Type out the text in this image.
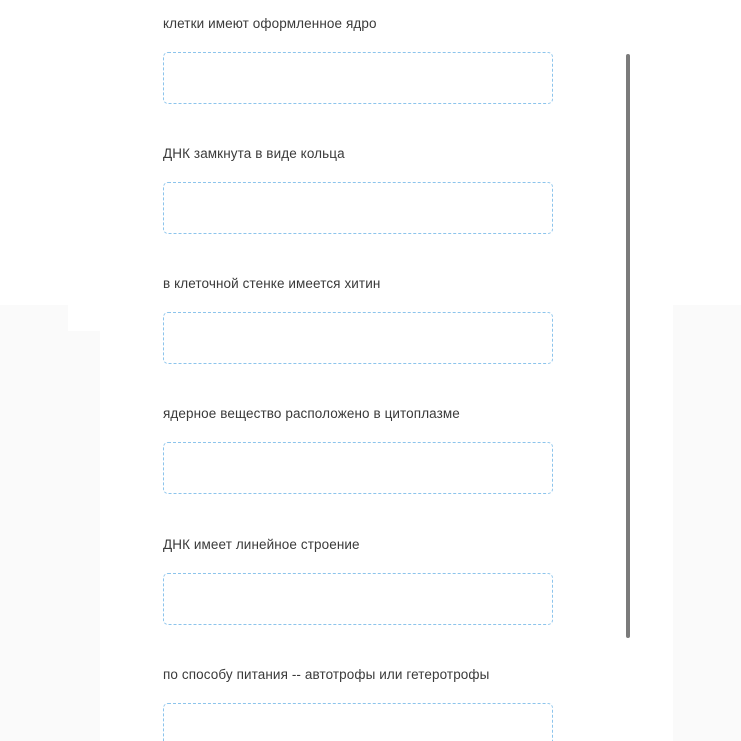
клетки имеют оформленное ядро
ДНК замкнута в виде кольца
в клеточной стенке имеется хитин
ядерное вещество расположено в цитоплазме
ДНК имеет линейное строение
по способу питания -- автотрофы или гетеротрофы
